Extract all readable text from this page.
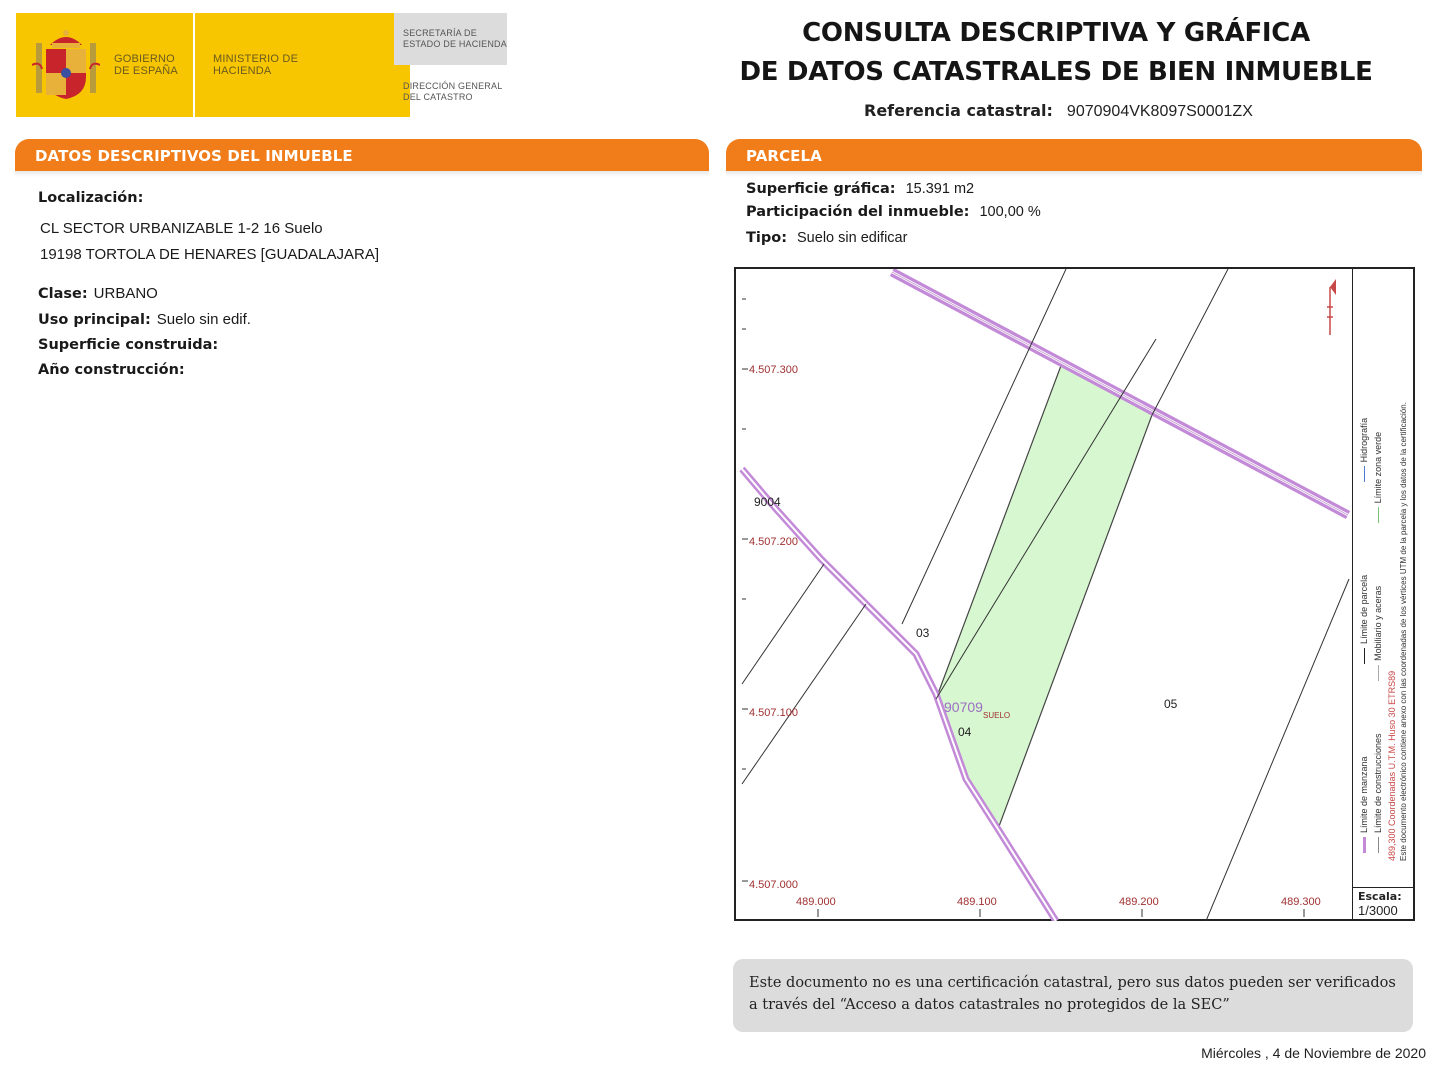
GOBIERNO DE ESPAÑA
MINISTERIO DE HACIENDA
SECRETARÍA DE ESTADO DE HACIENDA
DIRECCIÓN GENERAL DEL CATASTRO
CONSULTA DESCRIPTIVA Y GRÁFICA
DE DATOS CATASTRALES DE BIEN INMUEBLE
Referencia catastral: 9070904VK8097S0001ZX
DATOS DESCRIPTIVOS DEL INMUEBLE	PARCELA
Localización:
CL SECTOR URBANIZABLE 1-2 16 Suelo
19198 TORTOLA DE HENARES [GUADALAJARA]
Clase: URBANO
Uso principal: Suelo sin edif.
Superficie construida:
Año construcción:
Superficie gráfica: 15.391 m2
Participación del inmueble: 100,00 %
Tipo: Suelo sin edificar
4.507.300
4.507.200
4.507.100
4.507.000
489.000	489.100	489.200	489.300
9004
03
04
05
90709
SUELO
Límite de manzana Límite de parcela Hidrografía
Límite de construcciones Mobiliario y aceras Límite zona verde
489,300 Coordenadas U.T.M. Huso 30 ETRS89 Este documento electrónico contiene anexo con las coordenadas de los vértices UTM de la parcela y los datos de la certificación.
Escala:
1/3000
Este documento no es una certificación catastral, pero sus datos pueden ser verificados a través del “Acceso a datos catastrales no protegidos de la SEC”
Miércoles , 4 de Noviembre de 2020
